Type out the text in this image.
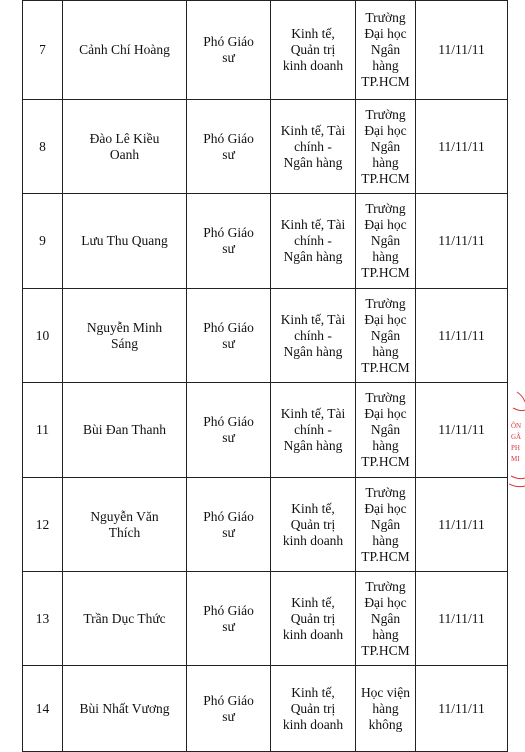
7	Cảnh Chí Hoàng	Phó Giáo
sư	Kinh tế,
Quản trị
kinh doanh	Trường
Đại học
Ngân
hàng
TP.HCM	11/11/11

8	Đào Lê Kiều
Oanh	Phó Giáo
sư	Kinh tế, Tài
chính -
Ngân hàng	Trường
Đại học
Ngân
hàng
TP.HCM	11/11/11

9	Lưu Thu Quang	Phó Giáo
sư	Kinh tế, Tài
chính -
Ngân hàng	Trường
Đại học
Ngân
hàng
TP.HCM	11/11/11

10	Nguyễn Minh
Sáng	Phó Giáo
sư	Kinh tế, Tài
chính -
Ngân hàng	Trường
Đại học
Ngân
hàng
TP.HCM	11/11/11

11	Bùi Đan Thanh	Phó Giáo
sư	Kinh tế, Tài
chính -
Ngân hàng	Trường
Đại học
Ngân
hàng
TP.HCM	11/11/11

12	Nguyễn Văn
Thích	Phó Giáo
sư	Kinh tế,
Quản trị
kinh doanh	Trường
Đại học
Ngân
hàng
TP.HCM	11/11/11

13	Trần Dục Thức	Phó Giáo
sư	Kinh tế,
Quản trị
kinh doanh	Trường
Đại học
Ngân
hàng
TP.HCM	11/11/11

14	Bùi Nhất Vương	Phó Giáo
sư	Kinh tế,
Quản trị
kinh doanh	Học viện
hàng
không	11/11/11
ÔN GÂ PH MI
